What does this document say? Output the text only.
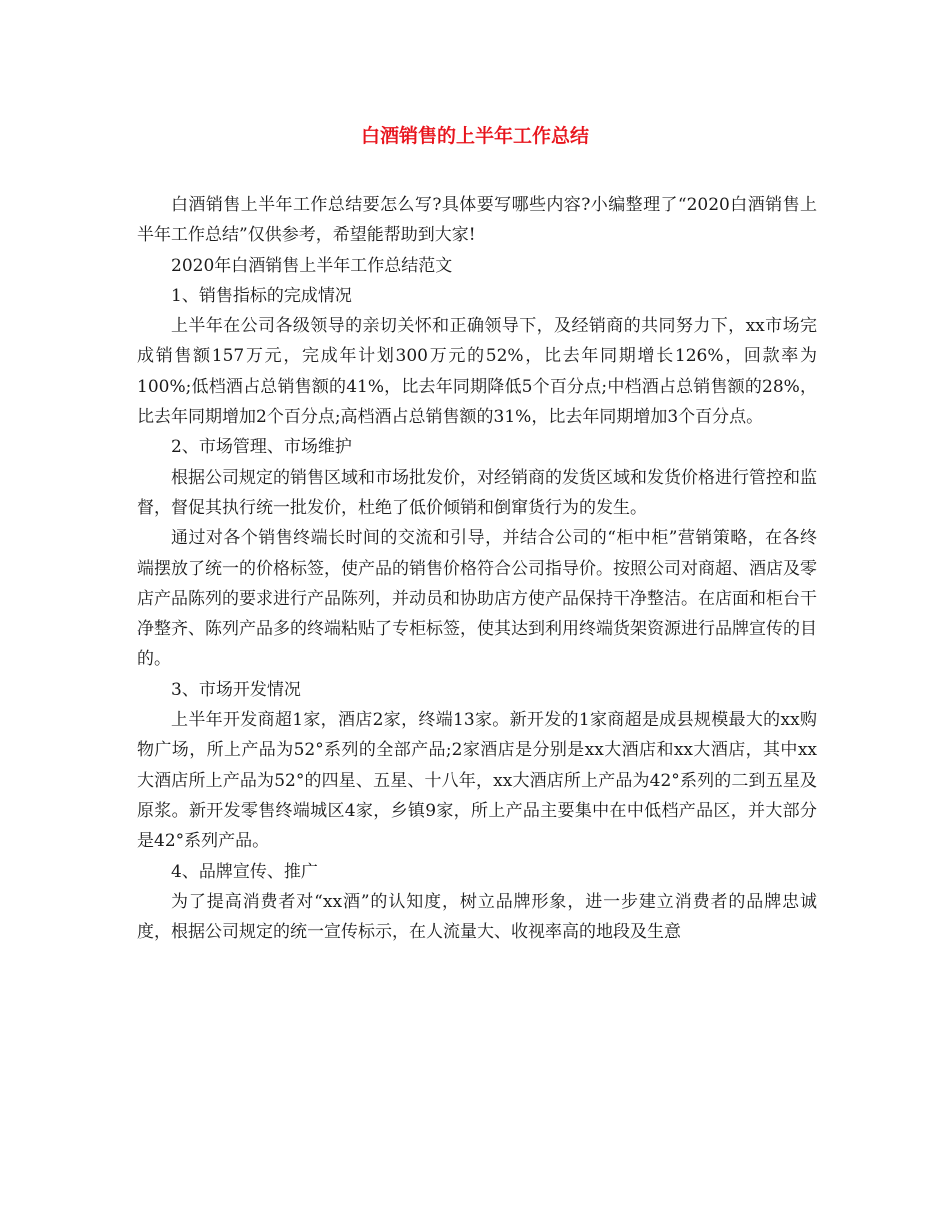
白酒销售的上半年工作总结

白酒销售上半年工作总结要怎么写?具体要写哪些内容?小编整理了“2020白酒销售上半年工作总结”仅供参考，希望能帮助到大家!

2020年白酒销售上半年工作总结范文

1、销售指标的完成情况

上半年在公司各级领导的亲切关怀和正确领导下，及经销商的共同努力下，xx市场完成销售额157万元，完成年计划300万元的52%，比去年同期增长126%，回款率为100%;低档酒占总销售额的41%，比去年同期降低5个百分点;中档酒占总销售额的28%，比去年同期增加2个百分点;高档酒占总销售额的31%，比去年同期增加3个百分点。

2、市场管理、市场维护

根据公司规定的销售区域和市场批发价，对经销商的发货区域和发货价格进行管控和监督，督促其执行统一批发价，杜绝了低价倾销和倒窜货行为的发生。

通过对各个销售终端长时间的交流和引导，并结合公司的“柜中柜”营销策略，在各终端摆放了统一的价格标签，使产品的销售价格符合公司指导价。按照公司对商超、酒店及零店产品陈列的要求进行产品陈列，并动员和协助店方使产品保持干净整洁。在店面和柜台干净整齐、陈列产品多的终端粘贴了专柜标签，使其达到利用终端货架资源进行品牌宣传的目的。

3、市场开发情况

上半年开发商超1家，酒店2家，终端13家。新开发的1家商超是成县规模最大的xx购物广场，所上产品为52°系列的全部产品;2家酒店是分别是xx大酒店和xx大酒店，其中xx大酒店所上产品为52°的四星、五星、十八年，xx大酒店所上产品为42°系列的二到五星及原浆。新开发零售终端城区4家，乡镇9家，所上产品主要集中在中低档产品区，并大部分是42°系列产品。

4、品牌宣传、推广

为了提高消费者对“xx酒”的认知度，树立品牌形象，进一步建立消费者的品牌忠诚度，根据公司规定的统一宣传标示，在人流量大、收视率高的地段及生意
